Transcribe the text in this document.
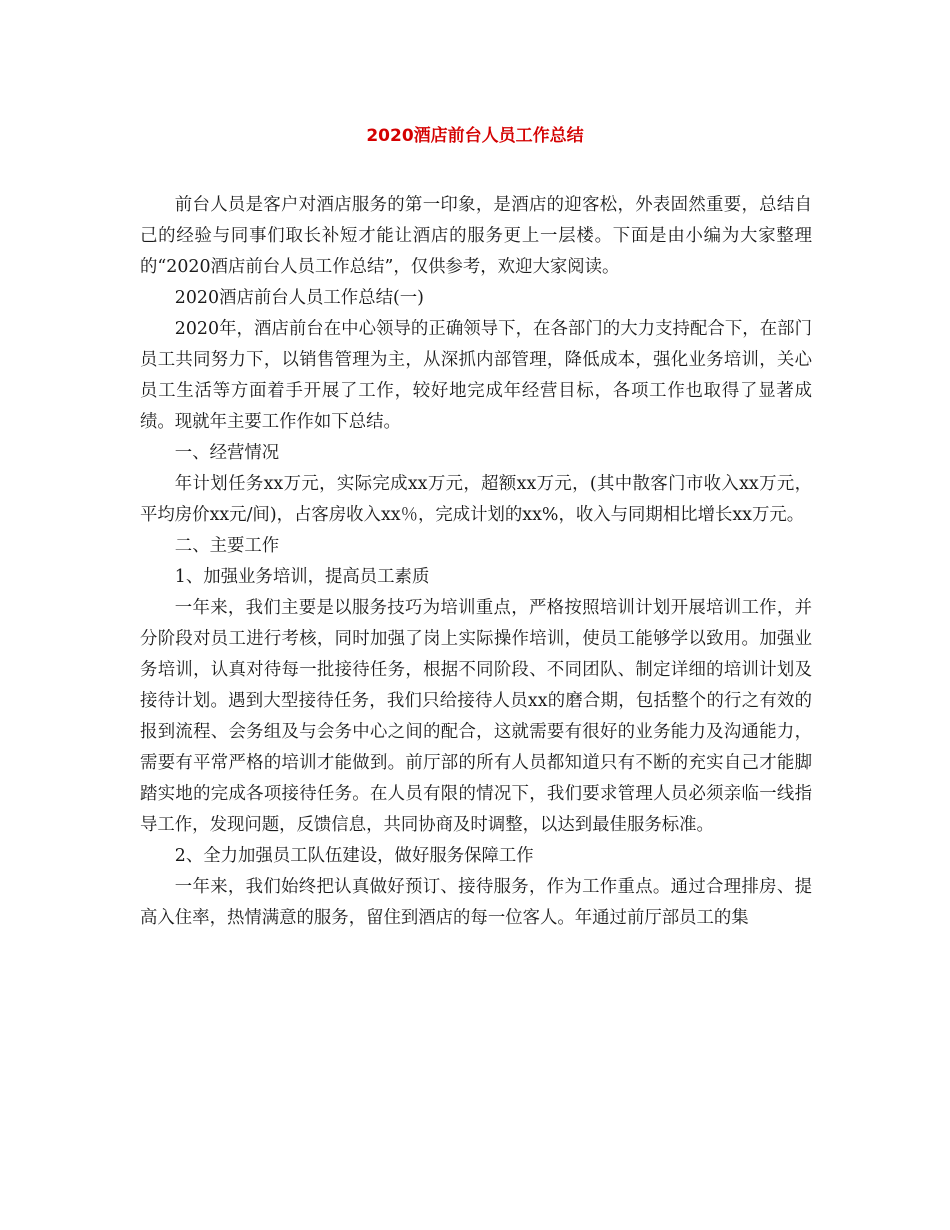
2020酒店前台人员工作总结

前台人员是客户对酒店服务的第一印象，是酒店的迎客松，外表固然重要，总结自己的经验与同事们取长补短才能让酒店的服务更上一层楼。下面是由小编为大家整理的“2020酒店前台人员工作总结”，仅供参考，欢迎大家阅读。

2020酒店前台人员工作总结(一)

2020年，酒店前台在中心领导的正确领导下，在各部门的大力支持配合下，在部门员工共同努力下，以销售管理为主，从深抓内部管理，降低成本，强化业务培训，关心员工生活等方面着手开展了工作，较好地完成年经营目标，各项工作也取得了显著成绩。现就年主要工作作如下总结。

一、经营情况

年计划任务xx万元，实际完成xx万元，超额xx万元，(其中散客门市收入xx万元，平均房价xx元/间)，占客房收入xx％，完成计划的xx%，收入与同期相比增长xx万元。

二、主要工作

1、加强业务培训，提高员工素质

一年来，我们主要是以服务技巧为培训重点，严格按照培训计划开展培训工作，并分阶段对员工进行考核，同时加强了岗上实际操作培训，使员工能够学以致用。加强业务培训，认真对待每一批接待任务，根据不同阶段、不同团队、制定详细的培训计划及接待计划。遇到大型接待任务，我们只给接待人员xx的磨合期，包括整个的行之有效的报到流程、会务组及与会务中心之间的配合，这就需要有很好的业务能力及沟通能力，需要有平常严格的培训才能做到。前厅部的所有人员都知道只有不断的充实自己才能脚踏实地的完成各项接待任务。在人员有限的情况下，我们要求管理人员必须亲临一线指导工作，发现问题，反馈信息，共同协商及时调整，以达到最佳服务标准。

2、全力加强员工队伍建设，做好服务保障工作

一年来，我们始终把认真做好预订、接待服务，作为工作重点。通过合理排房、提高入住率，热情满意的服务，留住到酒店的每一位客人。年通过前厅部员工的集
